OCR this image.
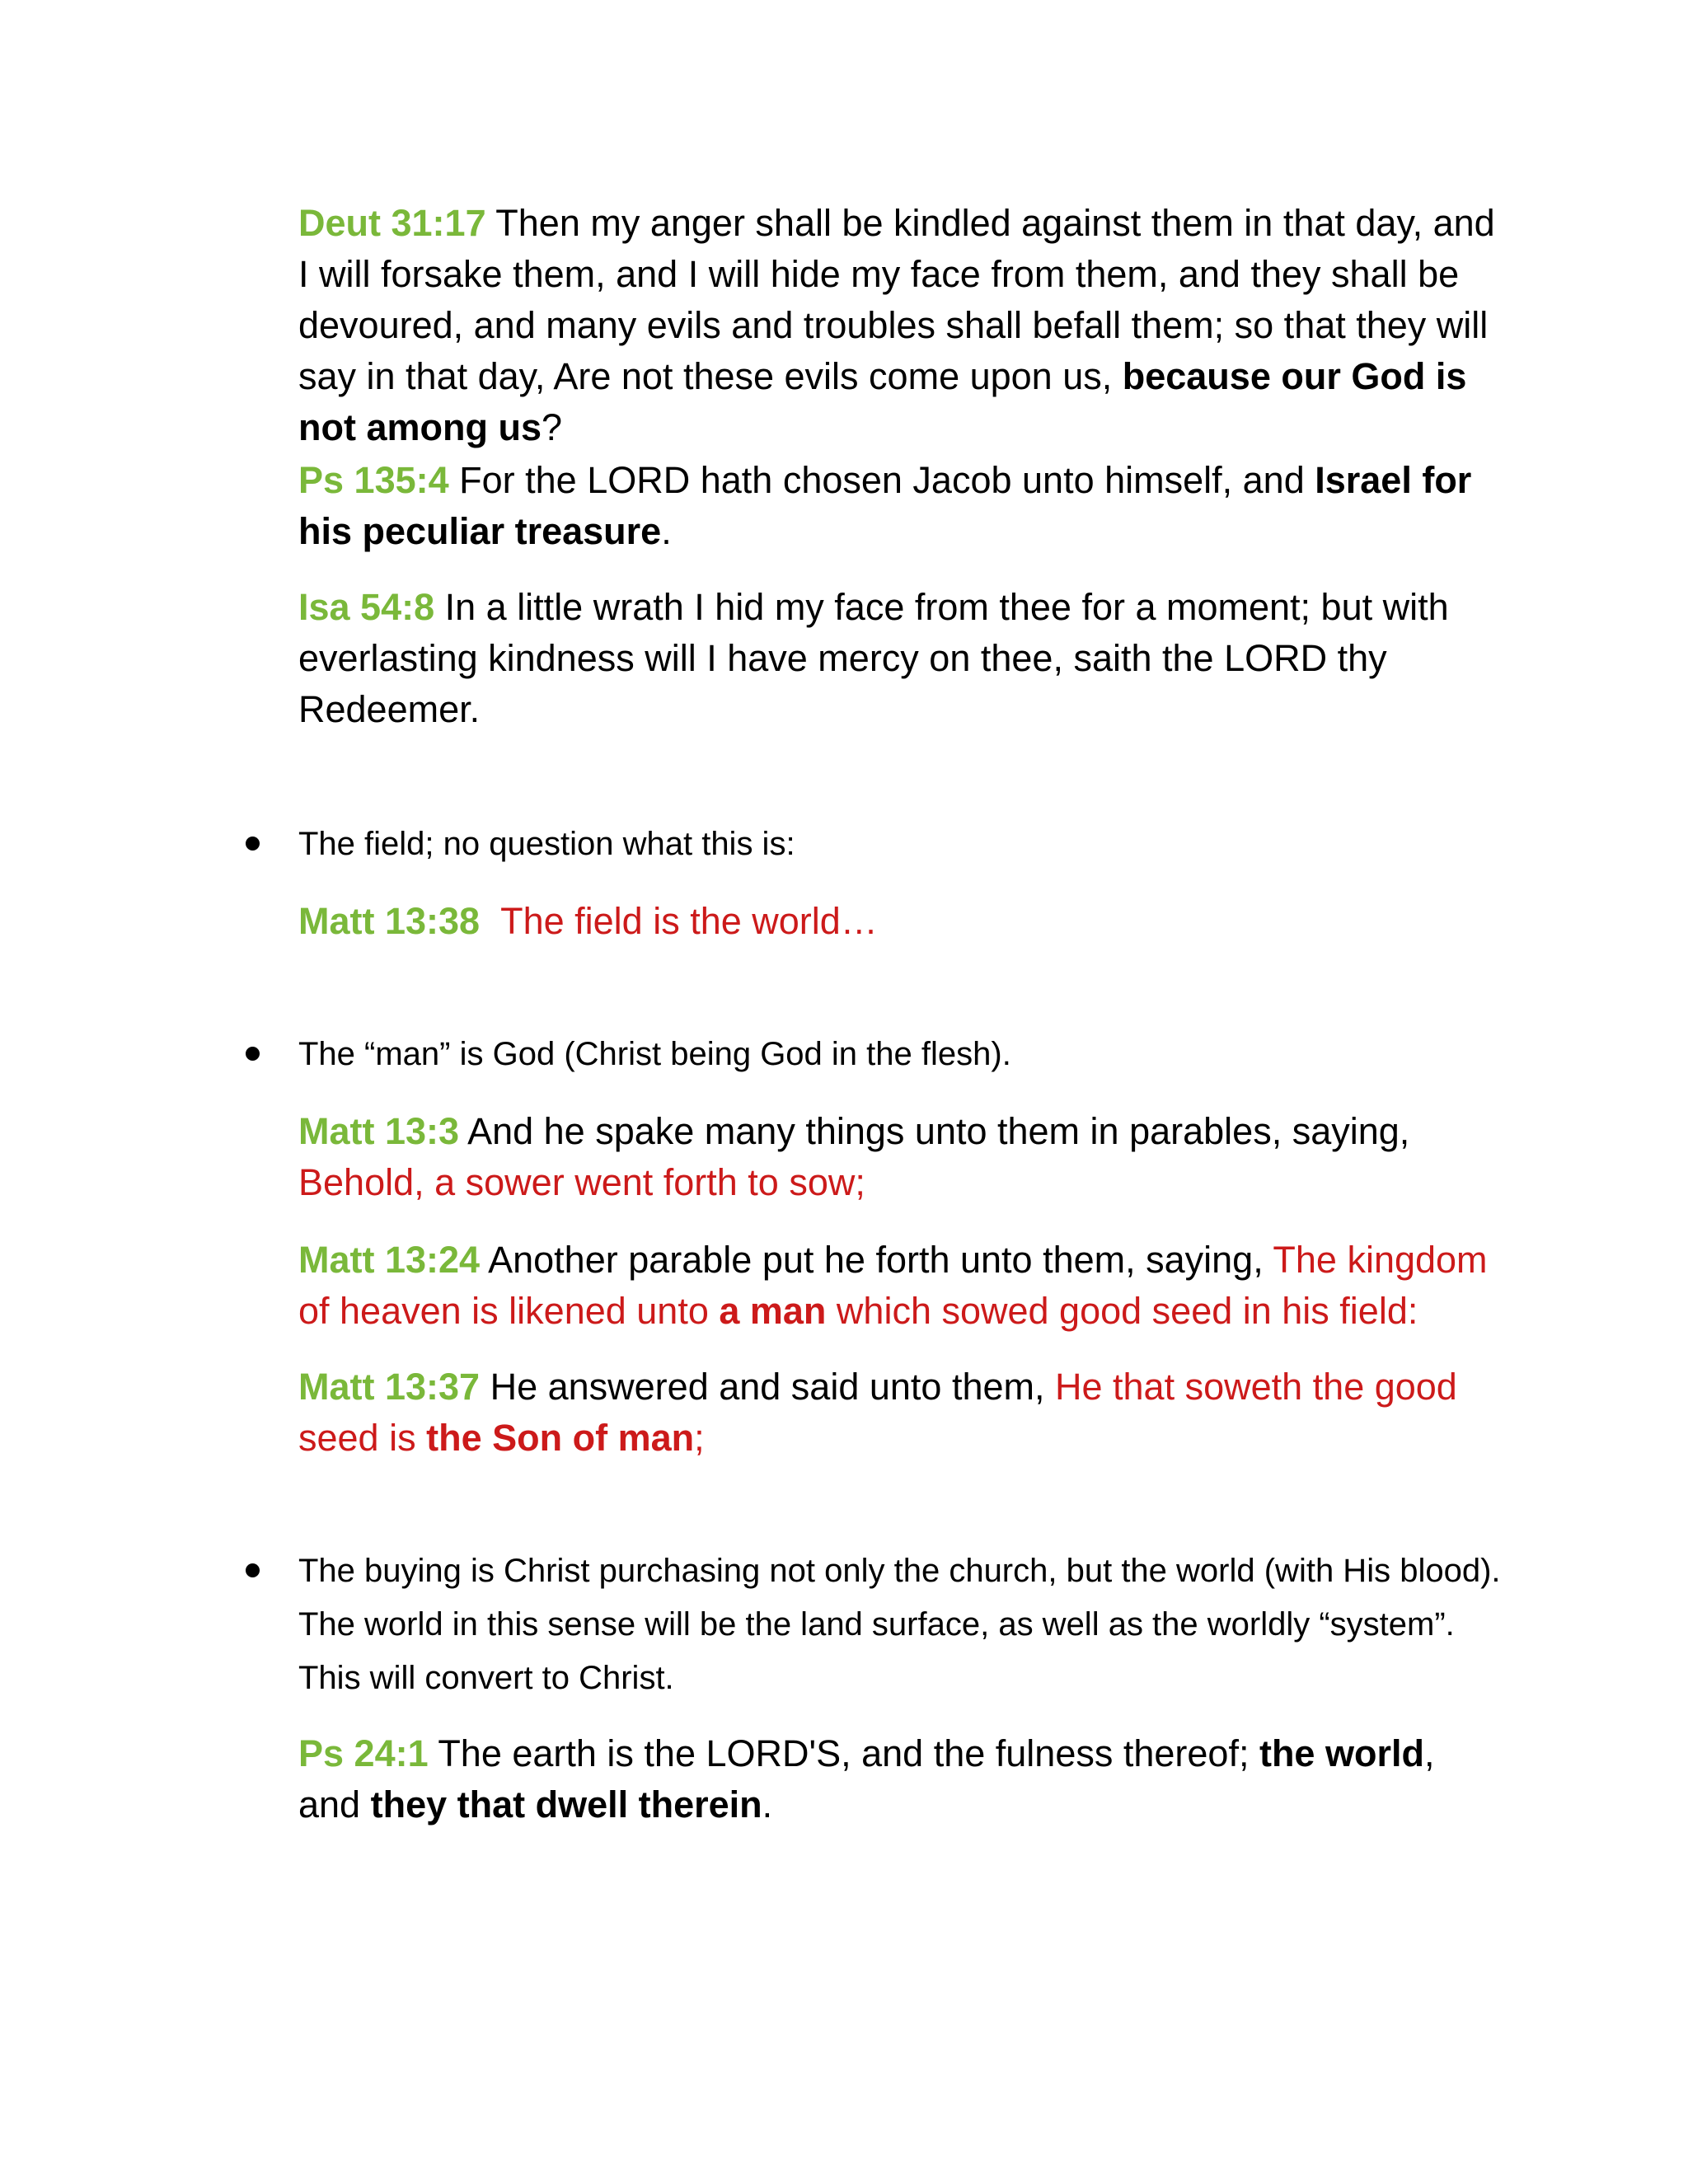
Deut 31:17 Then my anger shall be kindled against them in that day, and I will forsake them, and I will hide my face from them, and they shall be devoured, and many evils and troubles shall befall them; so that they will say in that day, Are not these evils come upon us, because our God is not among us?

Ps 135:4 For the LORD hath chosen Jacob unto himself, and Israel for his peculiar treasure.

Isa 54:8 In a little wrath I hid my face from thee for a moment; but with everlasting kindness will I have mercy on thee, saith the LORD thy Redeemer.

The field; no question what this is:

Matt 13:38 The field is the world…

The “man” is God (Christ being God in the flesh).

Matt 13:3 And he spake many things unto them in parables, saying, Behold, a sower went forth to sow;

Matt 13:24 Another parable put he forth unto them, saying, The kingdom of heaven is likened unto a man which sowed good seed in his field:

Matt 13:37 He answered and said unto them, He that soweth the good seed is the Son of man;

The buying is Christ purchasing not only the church, but the world (with His blood). The world in this sense will be the land surface, as well as the worldly “system”. This will convert to Christ.

Ps 24:1 The earth is the LORD'S, and the fulness thereof; the world, and they that dwell therein.
